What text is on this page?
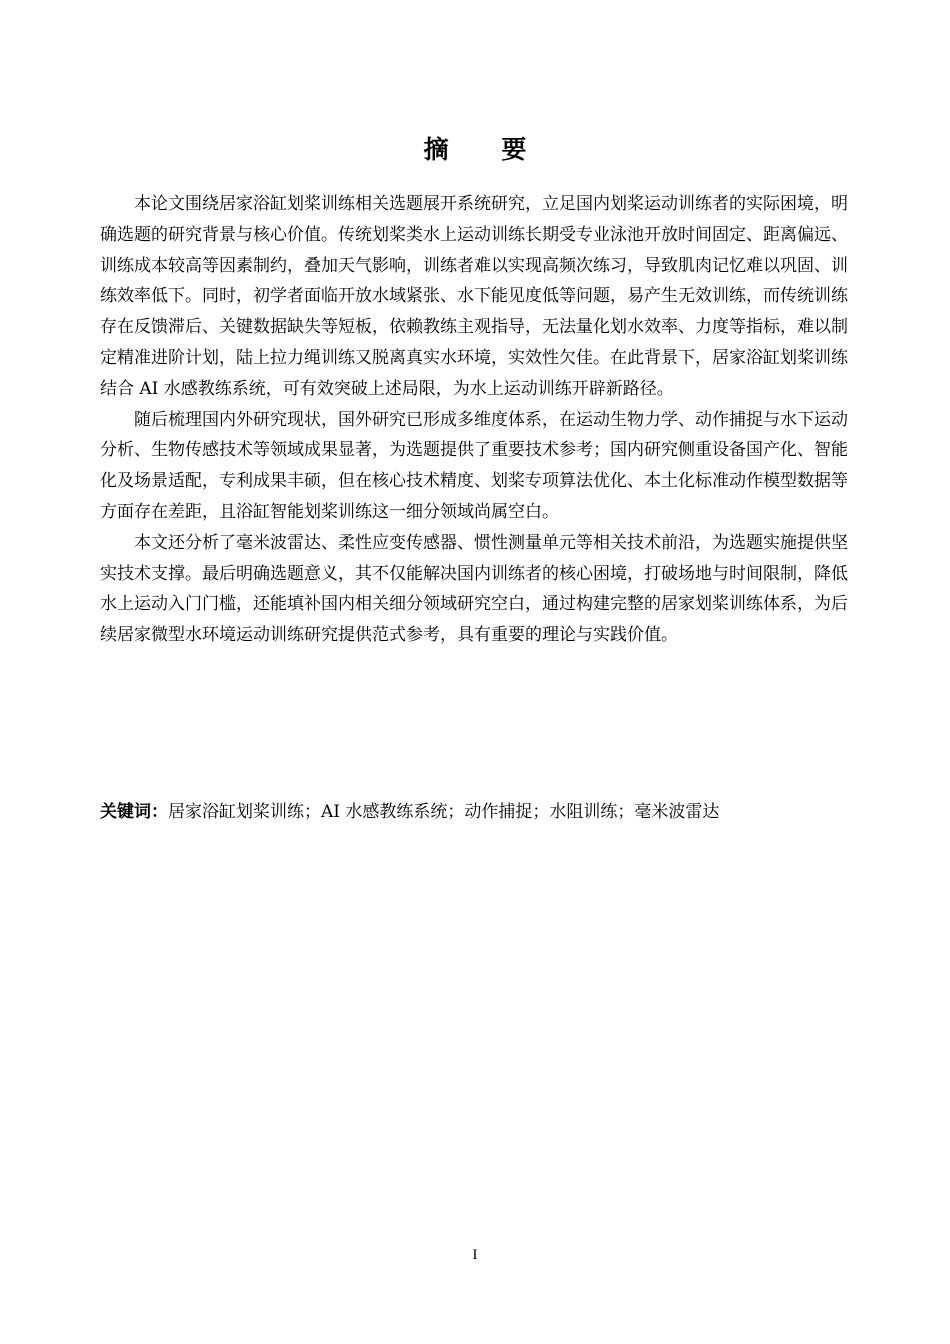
摘 要

本论文围绕居家浴缸划桨训练相关选题展开系统研究，立足国内划桨运动训练者的实际困境，明确选题的研究背景与核心价值。传统划桨类水上运动训练长期受专业泳池开放时间固定、距离偏远、训练成本较高等因素制约，叠加天气影响，训练者难以实现高频次练习，导致肌肉记忆难以巩固、训练效率低下。同时，初学者面临开放水域紧张、水下能见度低等问题，易产生无效训练，而传统训练存在反馈滞后、关键数据缺失等短板，依赖教练主观指导，无法量化划水效率、力度等指标，难以制定精准进阶计划，陆上拉力绳训练又脱离真实水环境，实效性欠佳。在此背景下，居家浴缸划桨训练结合 AI 水感教练系统，可有效突破上述局限，为水上运动训练开辟新路径。

随后梳理国内外研究现状，国外研究已形成多维度体系，在运动生物力学、动作捕捉与水下运动分析、生物传感技术等领域成果显著，为选题提供了重要技术参考；国内研究侧重设备国产化、智能化及场景适配，专利成果丰硕，但在核心技术精度、划桨专项算法优化、本土化标准动作模型数据等方面存在差距，且浴缸智能划桨训练这一细分领域尚属空白。

本文还分析了毫米波雷达、柔性应变传感器、惯性测量单元等相关技术前沿，为选题实施提供坚实技术支撑。最后明确选题意义，其不仅能解决国内训练者的核心困境，打破场地与时间限制，降低水上运动入门门槛，还能填补国内相关细分领域研究空白，通过构建完整的居家划桨训练体系，为后续居家微型水环境运动训练研究提供范式参考，具有重要的理论与实践价值。

关键词：居家浴缸划桨训练；AI 水感教练系统；动作捕捉；水阻训练；毫米波雷达
I
